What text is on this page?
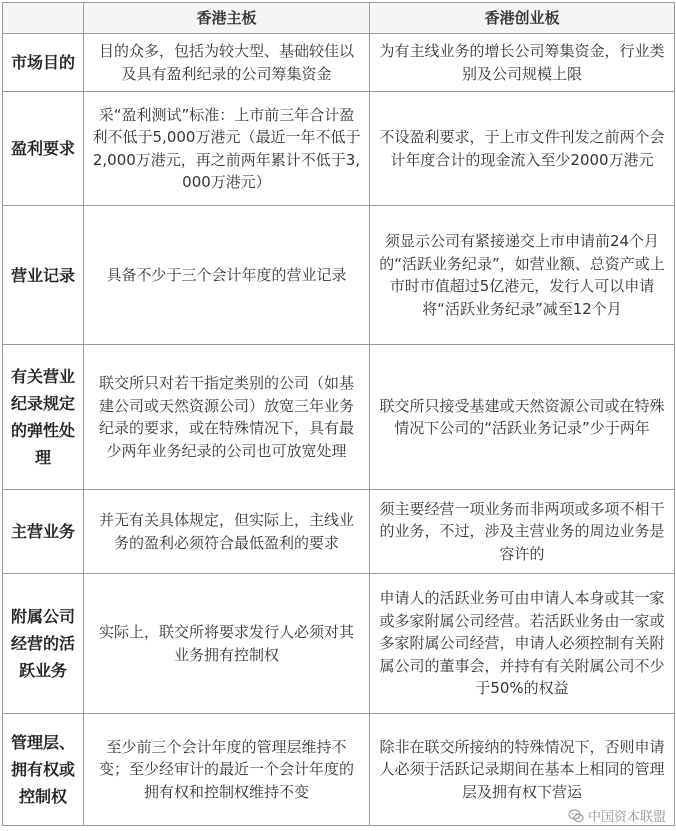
	香港主板	香港创业板
市场目的	目的众多，包括为较大型、基础较佳以及具有盈利纪录的公司筹集资金	为有主线业务的增长公司筹集资金，行业类别及公司规模上限
盈利要求	采“盈利测试”标准：上市前三年合计盈利不低于5,000万港元（最近一年不低于2,000万港元，再之前两年累计不低于3,000万港元）	不设盈利要求，于上市文件刊发之前两个会计年度合计的现金流入至少2000万港元
营业记录	具备不少于三个会计年度的营业记录	须显示公司有紧接递交上市申请前24个月的“活跃业务纪录”，如营业额、总资产或上市时市值超过5亿港元，发行人可以申请将“活跃业务纪录”减至12个月
有关营业纪录规定的弹性处理	联交所只对若干指定类别的公司（如基建公司或天然资源公司）放宽三年业务纪录的要求，或在特殊情况下，具有最少两年业务纪录的公司也可放宽处理	联交所只接受基建或天然资源公司或在特殊情况下公司的“活跃业务记录”少于两年
主营业务	并无有关具体规定，但实际上，主线业务的盈利必须符合最低盈利的要求	须主要经营一项业务而非两项或多项不相干的业务，不过，涉及主营业务的周边业务是容许的
附属公司经营的活跃业务	实际上，联交所将要求发行人必须对其业务拥有控制权	申请人的活跃业务可由申请人本身或其一家或多家附属公司经营。若活跃业务由一家或多家附属公司经营，申请人必须控制有关附属公司的董事会，并持有有关附属公司不少于50%的权益
管理层、拥有权或控制权	至少前三个会计年度的管理层维持不变；至少经审计的最近一个会计年度的拥有权和控制权维持不变	除非在联交所接纳的特殊情况下，否则申请人必须于活跃记录期间在基本上相同的管理层及拥有权下营运
中国资本联盟
